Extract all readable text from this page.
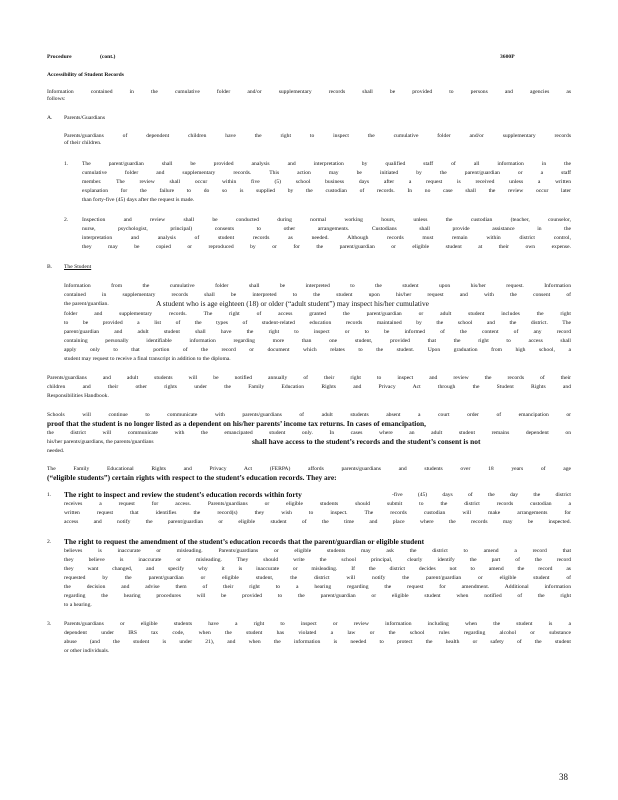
Procedure	(cont.)	3600P
Accessibility of Student Records
Information contained in the cumulative folder and/or supplementary records shall be provided to persons and agencies as
follows:
A. Parents/Guardians
Parents/guardians of dependent children have the right to inspect the cumulative folder and/or supplementary records
of their children.
1. The parent/guardian shall be provided analysis and interpretation by qualified staff of all information in the
cumulative folder and supplementary records. This action may be initiated by the parent/guardian or a staff
member. The review shall occur within five (5) school business days after a request is received unless a written
explanation for the failure to do so is supplied by the custodian of records. In no case shall the review occur later
than forty-five (45) days after the request is made.
2. Inspection and review shall be conducted during normal working hours, unless the custodian (teacher, counselor,
nurse, psychologist, principal) consents to other arrangements. Custodians shall provide assistance in the
interpretation and analysis of student records as needed. Although records must remain within district control,
they may be copied or reproduced by or for the parent/guardian or eligible student at their own expense.
B. The Student
Information from the cumulative folder shall be interpreted to the student upon his/her request. Information
contained in supplementary records shall be interpreted to the student upon his/her request and with the consent of
the parent/guardian.	A student who is age eighteen (18) or older (“adult student”) may inspect his/her cumulative
folder and supplementary records. The right of access granted the parent/guardian or adult student includes the right
to be provided a list of the types of student-related education records maintained by the school and the district. The
parent/guardian and adult student shall have the right to inspect or to be informed of the content of any record
containing personally identifiable information regarding more than one student, provided that the right to access shall
apply only to that portion of the record or document which relates to the student. Upon graduation from high school, a
student may request to receive a final transcript in addition to the diploma.
Parents/guardians and adult students will be notified annually of their right to inspect and review the records of their
children and their other rights under the Family Education Rights and Privacy Act through the Student Rights and
Responsibilities Handbook.
Schools will continue to communicate with parents/guardians of adult students absent a court order of emancipation or
proof that the student is no longer listed as a dependent on his/her parents’ income tax returns. In cases of emancipation,
the district will communicate with the emancipated student only. In cases where an adult student remains dependent on
his/her parents/guardians, the parents/guardians	shall have access to the student’s records and the student’s consent is not
needed.
The Family Educational Rights and Privacy Act (FERPA) affords parents/guardians and students over 18 years of age
(“eligible students”) certain rights with respect to the student’s education records. They are:
1. The right to inspect and review the student’s education records within forty	-five (45) days of the day the district
receives a request for access. Parents/guardians or eligible students should submit to the district records custodian a
written request that identifies the record(s) they wish to inspect. The records custodian will make arrangements for
access and notify the parent/guardian or eligible student of the time and place where the records may be inspected.
2. The right to request the amendment of the student’s education records that the parent/guardian or eligible student
believes is inaccurate or misleading. Parents/guardians or eligible students may ask the district to amend a record that
they believe is inaccurate or misleading. They should write the school principal, clearly identify the part of the record
they want changed, and specify why it is inaccurate or misleading. If the district decides not to amend the record as
requested by the parent/guardian or eligible student, the district will notify the parent/guardian or eligible student of
the decision and advise them of their right to a hearing regarding the request for amendment. Additional information
regarding the hearing procedures will be provided to the parent/guardian or eligible student when notified of the right
to a hearing.
3. Parents/guardians or eligible students have a right to inspect or review information including when the student is a
dependent under IRS tax code, when the student has violated a law or the school rules regarding alcohol or substance
abuse (and the student is under 21), and when the information is needed to protect the health or safety of the student
or other individuals.
38
